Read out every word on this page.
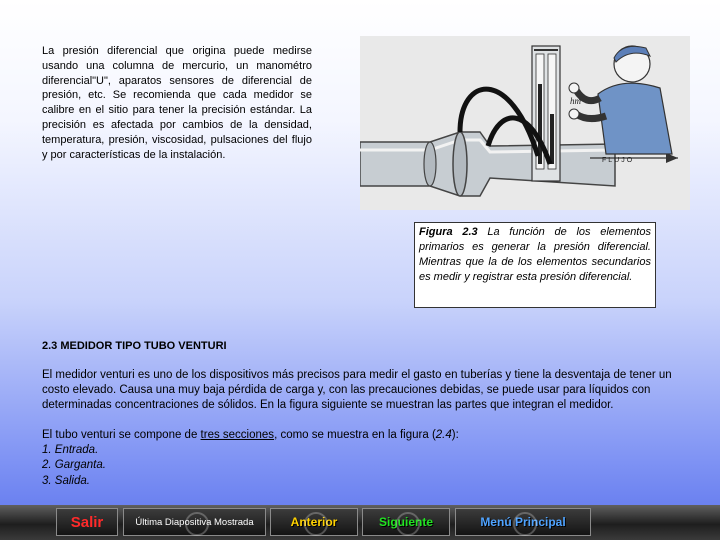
La presión diferencial que origina puede medirse usando una columna de mercurio, un manométro diferencial"U", aparatos sensores de diferencial de presión, etc. Se recomienda que cada medidor se calibre en el sitio para tener la precisión estándar. La precisión es afectada por cambios de la densidad, temperatura, presión, viscosidad, pulsaciones del flujo y por características de la instalación.	FLUJO
hm
Figura 2.3 La función de los elementos primarios es generar la presión diferencial. Mientras que la de los elementos secundarios es medir y registrar esta presión diferencial.
2.3 MEDIDOR TIPO TUBO VENTURI

El medidor venturi es uno de los dispositivos más precisos para medir el gasto en tuberías y tiene la desventaja de tener un costo elevado. Causa una muy baja pérdida de carga y, con las precauciones debidas, se puede usar para líquidos con determinadas concentraciones de sólidos. En la figura siguiente se muestran las partes que integran el medidor.

El tubo venturi se compone de tres secciones, como se muestra en la figura (2.4):
1. Entrada.
2. Garganta.
3. Salida.
Salir	Última Diapositiva Mostrada	Anterior	Siguiente	Menú Principal
